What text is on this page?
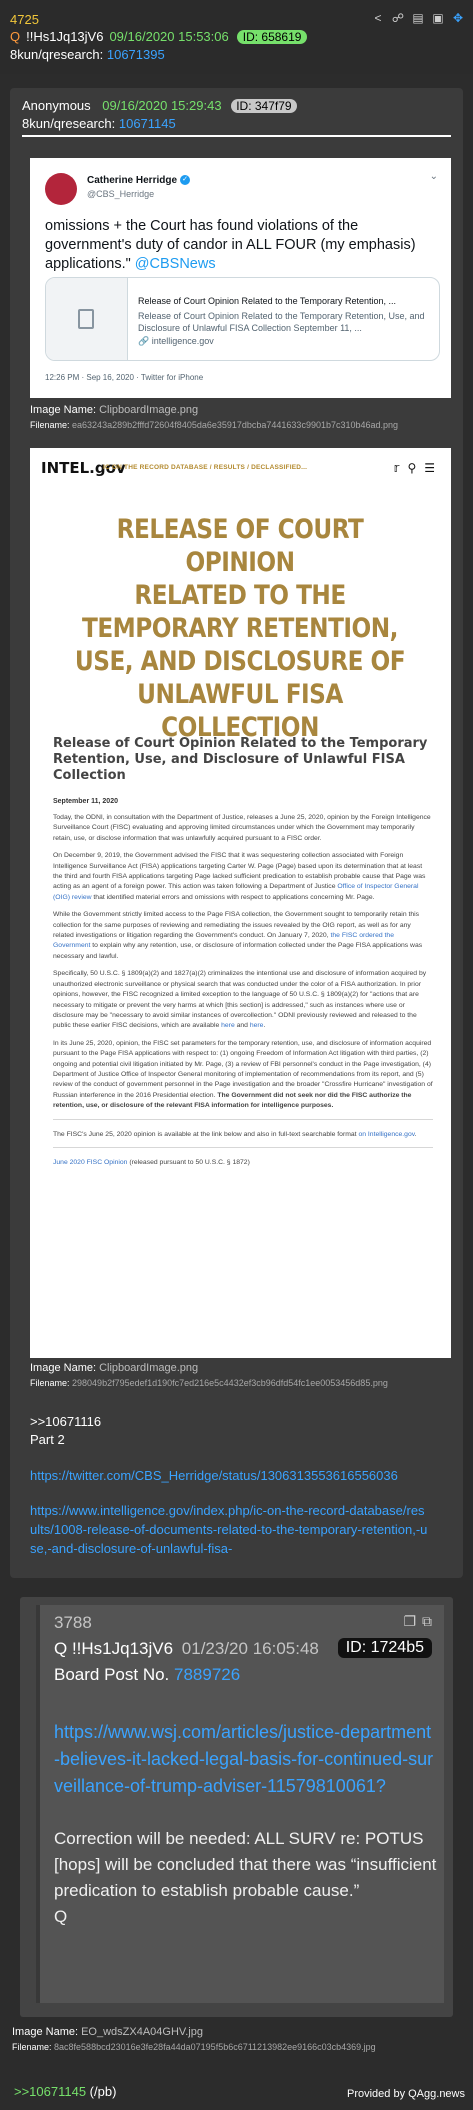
4725
Q !!Hs1Jq13jV6 09/16/2020 15:53:06	ID: 658619
8kun/qresearch: 10671395
< ☍ ▤ ▣ ✥
Anonymous 09/16/2020 15:29:43 ID: 347f79
8kun/qresearch: 10671145
Catherine Herridge ✓
@CBS_Herridge
⌄
omissions + the Court has found violations of the government's duty of candor in ALL FOUR (my emphasis) applications." @CBSNews
Release of Court Opinion Related to the Temporary Retention, ...
Release of Court Opinion Related to the Temporary Retention, Use, and Disclosure of Unlawful FISA Collection September 11, ...
🔗 intelligence.gov
12:26 PM · Sep 16, 2020 · Twitter for iPhone
Image Name: ClipboardImage.png
Filename: ea63243a289b2fffd72604f8405da6e35917dbcba7441633c9901b7c310b46ad.png
INTEL.gov
IC ON THE RECORD DATABASE / RESULTS / DECLASSIFIED...	𝕣 ⚲ ☰
RELEASE OF COURT OPINION
RELATED TO THE
TEMPORARY RETENTION,
USE, AND DISCLOSURE OF
UNLAWFUL FISA COLLECTION
Release of Court Opinion Related to the Temporary Retention, Use, and Disclosure of Unlawful FISA Collection
September 11, 2020

Today, the ODNI, in consultation with the Department of Justice, releases a June 25, 2020, opinion by the Foreign Intelligence Surveillance Court (FISC) evaluating and approving limited circumstances under which the Government may temporarily retain, use, or disclose information that was unlawfully acquired pursuant to a FISC order.

On December 9, 2019, the Government advised the FISC that it was sequestering collection associated with Foreign Intelligence Surveillance Act (FISA) applications targeting Carter W. Page (Page) based upon its determination that at least the third and fourth FISA applications targeting Page lacked sufficient predication to establish probable cause that Page was acting as an agent of a foreign power. This action was taken following a Department of Justice Office of Inspector General (OIG) review that identified material errors and omissions with respect to applications concerning Mr. Page.

While the Government strictly limited access to the Page FISA collection, the Government sought to temporarily retain this collection for the same purposes of reviewing and remediating the issues revealed by the OIG report, as well as for any related investigations or litigation regarding the Government's conduct. On January 7, 2020, the FISC ordered the Government to explain why any retention, use, or disclosure of information collected under the Page FISA applications was necessary and lawful.

Specifically, 50 U.S.C. § 1809(a)(2) and 1827(a)(2) criminalizes the intentional use and disclosure of information acquired by unauthorized electronic surveillance or physical search that was conducted under the color of a FISA authorization. In prior opinions, however, the FISC recognized a limited exception to the language of 50 U.S.C. § 1809(a)(2) for "actions that are necessary to mitigate or prevent the very harms at which [this section] is addressed," such as instances where use or disclosure may be "necessary to avoid similar instances of overcollection." ODNI previously reviewed and released to the public these earlier FISC decisions, which are available here and here.

In its June 25, 2020, opinion, the FISC set parameters for the temporary retention, use, and disclosure of information acquired pursuant to the Page FISA applications with respect to: (1) ongoing Freedom of Information Act litigation with third parties, (2) ongoing and potential civil litigation initiated by Mr. Page, (3) a review of FBI personnel's conduct in the Page investigation, (4) Department of Justice Office of Inspector General monitoring of implementation of recommendations from its report, and (5) review of the conduct of government personnel in the Page investigation and the broader "Crossfire Hurricane" investigation of Russian interference in the 2016 Presidential election. The Government did not seek nor did the FISC authorize the retention, use, or disclosure of the relevant FISA information for intelligence purposes.

The FISC's June 25, 2020 opinion is available at the link below and also in full-text searchable format on Intelligence.gov.

June 2020 FISC Opinion (released pursuant to 50 U.S.C. § 1872)

Image Name: ClipboardImage.png
Filename: 298049b2f795edef1d190fc7ed216e5c4432ef3cb96dfd54fc1ee0053456d85.png
>>10671116
Part 2
https://twitter.com/CBS_Herridge/status/1306313553616556036
https://www.intelligence.gov/index.php/ic-on-the-record-database/results/1008-release-of-documents-related-to-the-temporary-retention,-use,-and-disclosure-of-unlawful-fisa-
3788	❐ ⧉
Q !!Hs1Jq13jV6 01/23/20 16:05:48	ID: 1724b5
Board Post No. 7889726
https://www.wsj.com/articles/justice-department-believes-it-lacked-legal-basis-for-continued-surveillance-of-trump-adviser-11579810061?
Correction will be needed: ALL SURV re: POTUS [hops] will be concluded that there was “insufficient predication to establish probable cause.”
Q
Image Name: EO_wdsZX4A04GHV.jpg
Filename: 8ac8fe588bcd23016e3fe28fa44da07195f5b6c6711213982ee9166c03cb4369.jpg
>>10671145 (/pb)	Provided by QAgg.news
